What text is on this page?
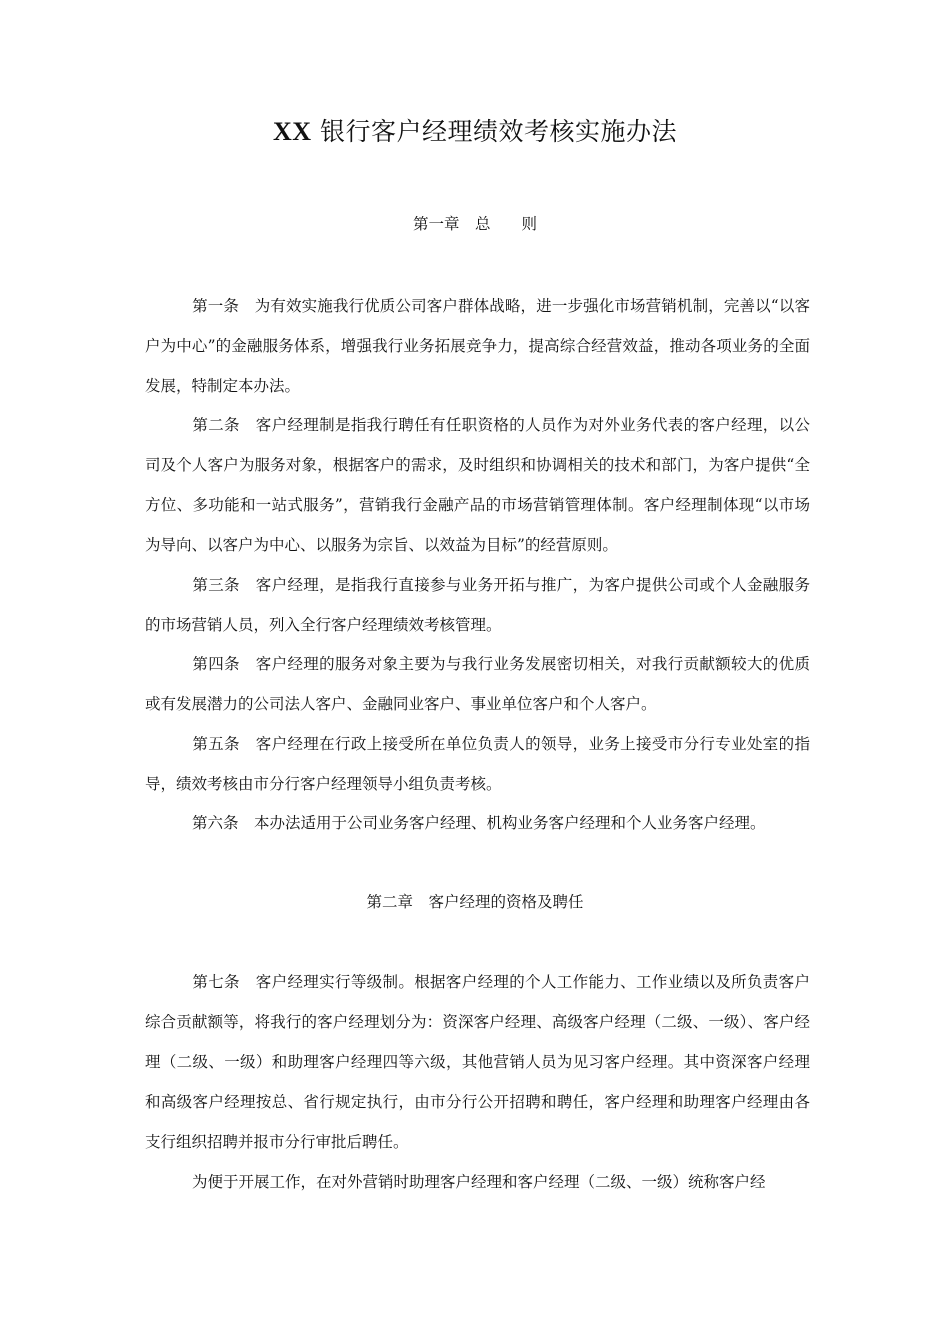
XX 银行客户经理绩效考核实施办法
第一章　总　　则
第一条　 为有效实施我行优质公司客户群体战略，进一步强化市场营销机制，完善以“以客户为中心”的金融服务体系，增强我行业务拓展竞争力，提高综合经营效益，推动各项业务的全面发展，特制定本办法。
第二条　 客户经理制是指我行聘任有任职资格的人员作为对外业务代表的客户经理，以公司及个人客户为服务对象，根据客户的需求，及时组织和协调相关的技术和部门，为客户提供“全方位、多功能和一站式服务”，营销我行金融产品的市场营销管理体制。客户经理制体现“以市场为导向、以客户为中心、以服务为宗旨、以效益为目标”的经营原则。
第三条　 客户经理，是指我行直接参与业务开拓与推广，为客户提供公司或个人金融服务的市场营销人员，列入全行客户经理绩效考核管理。
第四条　 客户经理的服务对象主要为与我行业务发展密切相关，对我行贡献额较大的优质或有发展潜力的公司法人客户、金融同业客户、事业单位客户和个人客户。
第五条　 客户经理在行政上接受所在单位负责人的领导，业务上接受市分行专业处室的指导，绩效考核由市分行客户经理领导小组负责考核。
第六条　 本办法适用于公司业务客户经理、机构业务客户经理和个人业务客户经理。
第二章　客户经理的资格及聘任
第七条　 客户经理实行等级制。根据客户经理的个人工作能力、工作业绩以及所负责客户综合贡献额等，将我行的客户经理划分为：资深客户经理、高级客户经理（二级、一级）、客户经理（二级、一级）和助理客户经理四等六级，其他营销人员为见习客户经理。其中资深客户经理和高级客户经理按总、省行规定执行，由市分行公开招聘和聘任，客户经理和助理客户经理由各支行组织招聘并报市分行审批后聘任。
为便于开展工作，在对外营销时助理客户经理和客户经理（二级、一级）统称客户经
